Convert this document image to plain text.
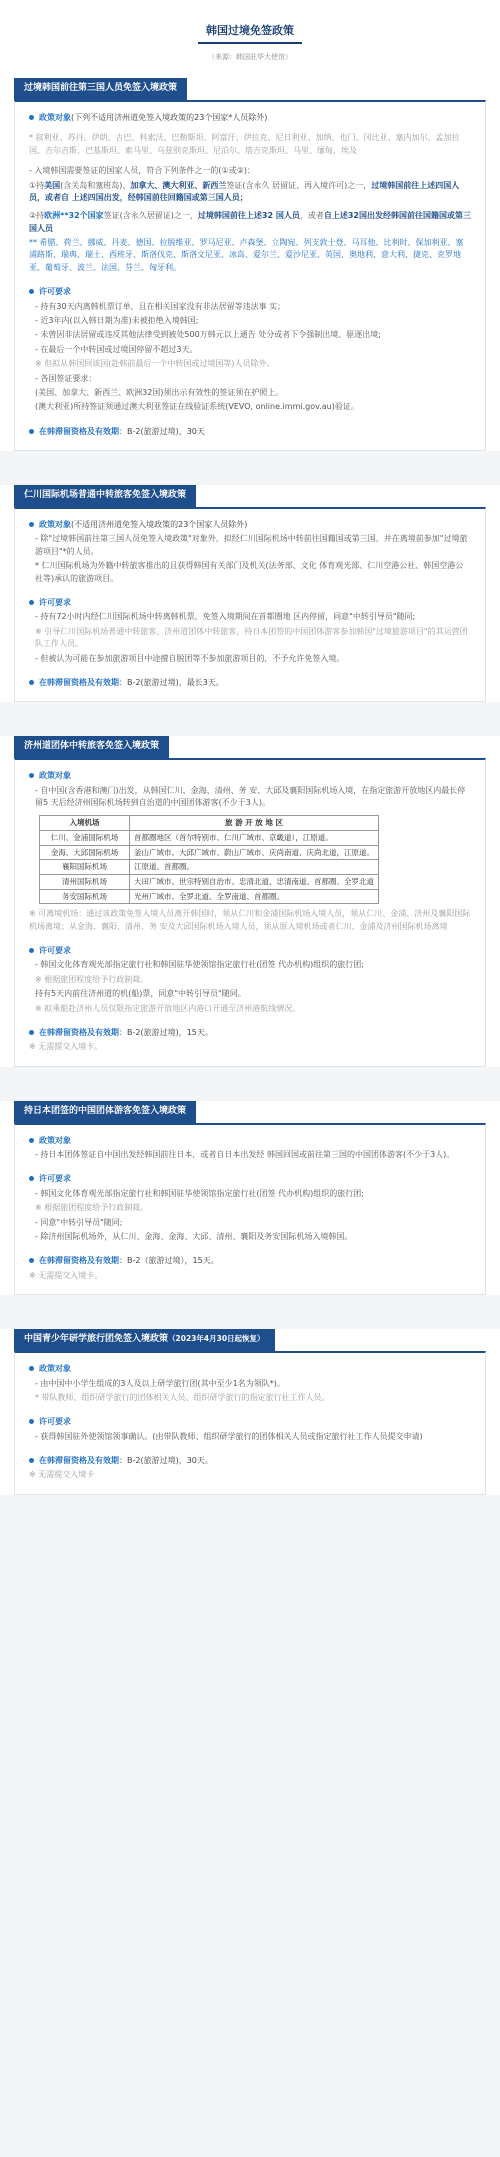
韩国过境免签政策
（来源：韩国驻华大使馆）
过境韩国前往第三国人员免签入境政策
政策对象(下列不适用济州道免签入境政策的23个国家*人员除外)
* 叙利亚、苏丹、伊朗、古巴、科索沃、巴勒斯坦、阿富汗、伊拉克、尼日利亚、加纳、也门、冈比亚、塞内加尔、孟加拉国、吉尔吉斯、巴基斯坦、索马里、乌兹别克斯坦、尼泊尔、塔吉克斯坦、马里、缅甸、埃及
- 入境韩国需要签证的国家人员，符合下列条件之一的(①或②)：
①持美国(含关岛和塞班岛)、加拿大、澳大利亚、新西兰签证(含永久 居留证、再入境许可)之一，过境韩国前往上述四国人员，或者自 上述四国出发，经韩国前往回籍国或第三国人员；
②持欧洲**32个国家签证(含永久居留证)之一，过境韩国前往上述32 国人员，或者自上述32国出发经韩国前往国籍国或第三国人员
** 希腊、荷兰、挪威、丹麦、德国、拉脱维亚、罗马尼亚、卢森堡、立陶宛、列支敦士登、马耳他、比利时、保加利亚、塞浦路斯、瑞典、瑞士、西班牙、斯洛伐克、斯洛文尼亚、冰岛、爱尔兰、爱沙尼亚、英国、奥地利、意大利、捷克、克罗地亚、葡萄牙、波兰、法国、芬兰、匈牙利。
许可要求
- 持有30天内离韩机票订单，且在相关国家没有非法居留等违法事 实；
- 近3年内(以入韩日期为准)未被拒绝入境韩国;
- 未曾因非法居留或违反其他法律受到被处500万韩元以上通告 处分或者下令强制出境、驱逐出境;
- 在最后一个中转国或过境国停留不超过3天。
※ 但拟从韩国回该国(赴韩前最后一个中转国或过境国等)人员除外。
- 各国签证要求：
(美国、加拿大、新西兰、欧洲32国)须出示有效性的签证须在护照上。
(澳大利亚)所持签证须通过澳大利亚签证在线验证系统(VEVO, online.immi.gov.au)验证。
在韩滞留资格及有效期：B-2(旅游过境)，30天
仁川国际机场普通中转旅客免签入境政策
政策对象(不适用济州道免签入境政策的23个国家人员除外)
- 除"过境韩国前往第三国人员免签入境政策"对象外，拟经仁川国际机场中转前往国籍国或第三国，并在离境前参加"过境旅游项目"*的人员。
* 仁川国际机场为外籍中转旅客推出的且获得韩国有关部门及机关(法务部、文化 体育观光部、仁川空港公社、韩国空港公社等)承认的旅游项目。
许可要求
- 持有72小时内经仁川国际机场中转离韩机票，免签入境期间在首都圈地 区内停留，同意"中转引导员"随同;
※ 引导仁川国际机场普通中转旅客、济州道团体中转旅客，持日本团签的中国团体游客参加韩国"过境旅游项目"的其运营团队工作人员。
- 但被认为可能在参加旅游项目中途擅自脱团等不参加旅游项目的，不予允许免签入境。
在韩滞留资格及有效期：B-2(旅游过境)，最长3天。
济州道团体中转旅客免签入境政策
政策对象
- 自中国(含香港和澳门)出发，从韩国仁川、金海、清州、务 安、大邱及襄阳国际机场入境，在指定旅游开放地区内最长停留5 天后经济州国际机场转到自治道的中国团体游客(不少于3人)。
入境机场	旅 游 开 放 地 区
仁川、金浦国际机场	首都圈地区（首尔特别市、仁川广域市、京畿道），江原道。
金海、大邱国际机场	釜山广域市、大邱广域市、蔚山广域市、庆尚南道、庆尚北道，江原道。
襄阳国际机场	江原道、首都圈。
清州国际机场	大田广域市、世宗特别自治市、忠清北道、忠清南道、首都圈、全罗北道
务安国际机场	光州广域市、全罗北道、全罗南道、首都圈。
※ 可离境机场：通过该政策免签入境人员离开韩国时，须从仁川和金浦国际机场入境人员，须从仁川、金浦、济州及襄阳国际机场离境；从金海、襄阳、清州、务 安及大邱国际机场入境人员，须从原入境机场或者仁川、金浦及济州国际机场离境
许可要求
- 韩国文化体育观光部指定旅行社和韩国驻华使领馆指定旅行社(团签 代办机构)组织的旅行团;
※ 根据旅团程度给予行政制裁。
持有5天内前往济州道的机(船)票，同意"中转引导员"随同。
※ 拟乘船赴济州人员仅限指定旅游开放地区内港口开通至济州港航线情况。
在韩滞留资格及有效期：B-2(旅游过境)，15天。
※ 无需提交入境卡。
持日本团签的中国团体游客免签入境政策
政策对象
- 持日本团体签证自中国出发经韩国前往日本，或者自日本出发经 韩国回国或前往第三国的中国团体游客(不少于3人)。
许可要求
- 韩国文化体育观光部指定旅行社和韩国驻华使领馆指定旅行社(团签 代办机构)组织的旅行团;
※ 根据旅团程度给予行政制裁。
- 同意"中转引导员"随同;
- 除济州国际机场外，从仁川、金海、金海、大邱、清州、襄阳及务安国际机场入境韩国。
在韩滞留资格及有效期：B-2（旅游过境），15天。
※ 无需提交入境卡。
中国青少年研学旅行团免签入境政策（2023年4月30日起恢复）
政策对象
- 由中国中小学生组成的3人及以上研学旅行团(其中至少1名为领队*)。
* 带队教师、组织研学旅行的团体相关人员、组织研学旅行的指定旅行社工作人员。
许可要求
- 获得韩国驻外使领馆领事确认。(由带队教师、组织研学旅行的团体相关人员或指定旅行社工作人员提交申请)
在韩滞留资格及有效期：B-2(旅游过境)，30天。
※ 无需提交入境卡
